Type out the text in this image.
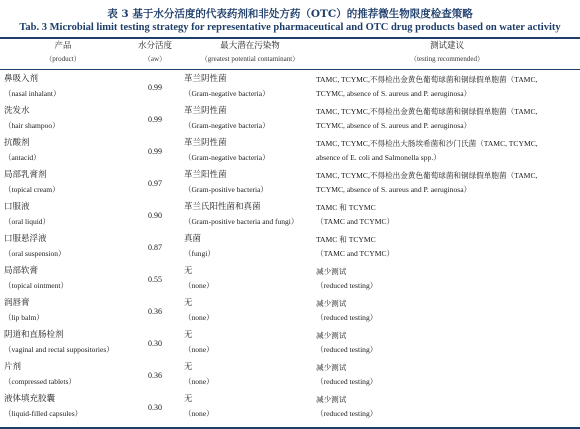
表 3 基于水分活度的代表药剂和非处方药（OTC）的推荐微生物限度检查策略
Tab. 3 Microbial limit testing strategy for representative pharmaceutical and OTC drug products based on water activity
产品
（product）
水分活度
（aw）
最大潜在污染物
（greatest potential contaminant）
测试建议
（testing recommended）
鼻吸入剂
（nasal inhalant）
0.99
革兰阴性菌
（Gram-negative bacteria）
TAMC, TCYMC,不得检出金黄色葡萄球菌和铜绿假单胞菌（TAMC,
TCYMC, absence of S. aureus and P. aeruginosa）
洗发水
（hair shampoo）
0.99
革兰阴性菌
（Gram-negative bacteria）
TAMC, TCYMC,不得检出金黄色葡萄球菌和铜绿假单胞菌（TAMC,
TCYMC, absence of S. aureus and P. aeruginosa）
抗酸剂
（antacid）
0.99
革兰阴性菌
（Gram-negative bacteria）
TAMC, TCYMC,不得检出大肠埃希菌和沙门氏菌（TAMC, TCYMC,
absence of E. coli and Salmonella spp.）
局部乳膏剂
（topical cream）
0.97
革兰阳性菌
（Gram-positive bacteria）
TAMC, TCYMC,不得检出金黄色葡萄球菌和铜绿假单胞菌（TAMC,
TCYMC, absence of S. aureus and P. aeruginosa）
口服液
（oral liquid）
0.90
革兰氏阳性菌和真菌
（Gram-positive bacteria and fungi）
TAMC 和 TCYMC
（TAMC and TCYMC）
口服悬浮液
（oral suspension）
0.87
真菌
（fungi）
TAMC 和 TCYMC
（TAMC and TCYMC）
局部软膏
（topical ointment）
0.55
无
（none）
减少测试
（reduced testing）
润唇膏
（lip balm）
0.36
无
（none）
减少测试
（reduced testing）
阴道和直肠栓剂
（vaginal and rectal suppositories）
0.30
无
（none）
减少测试
（reduced testing）
片剂
（compressed tablets）
0.36
无
（none）
减少测试
（reduced testing）
液体填充胶囊
（liquid-filled capsules）
0.30
无
（none）
减少测试
（reduced testing）
